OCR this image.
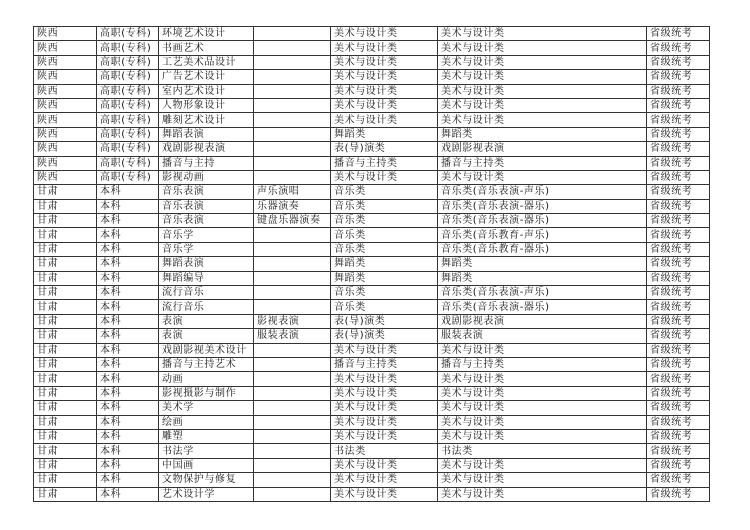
陕西	高职(专科)	环境艺术设计		美术与设计类	美术与设计类	省级统考
陕西	高职(专科)	书画艺术		美术与设计类	美术与设计类	省级统考
陕西	高职(专科)	工艺美术品设计		美术与设计类	美术与设计类	省级统考
陕西	高职(专科)	广告艺术设计		美术与设计类	美术与设计类	省级统考
陕西	高职(专科)	室内艺术设计		美术与设计类	美术与设计类	省级统考
陕西	高职(专科)	人物形象设计		美术与设计类	美术与设计类	省级统考
陕西	高职(专科)	雕刻艺术设计		美术与设计类	美术与设计类	省级统考
陕西	高职(专科)	舞蹈表演		舞蹈类	舞蹈类	省级统考
陕西	高职(专科)	戏剧影视表演		表(导)演类	戏剧影视表演	省级统考
陕西	高职(专科)	播音与主持		播音与主持类	播音与主持类	省级统考
陕西	高职(专科)	影视动画		美术与设计类	美术与设计类	省级统考
甘肃	本科	音乐表演	声乐演唱	音乐类	音乐类(音乐表演-声乐)	省级统考
甘肃	本科	音乐表演	乐器演奏	音乐类	音乐类(音乐表演-器乐)	省级统考
甘肃	本科	音乐表演	键盘乐器演奏	音乐类	音乐类(音乐表演-器乐)	省级统考
甘肃	本科	音乐学		音乐类	音乐类(音乐教育-声乐)	省级统考
甘肃	本科	音乐学		音乐类	音乐类(音乐教育-器乐)	省级统考
甘肃	本科	舞蹈表演		舞蹈类	舞蹈类	省级统考
甘肃	本科	舞蹈编导		舞蹈类	舞蹈类	省级统考
甘肃	本科	流行音乐		音乐类	音乐类(音乐表演-声乐)	省级统考
甘肃	本科	流行音乐		音乐类	音乐类(音乐表演-器乐)	省级统考
甘肃	本科	表演	影视表演	表(导)演类	戏剧影视表演	省级统考
甘肃	本科	表演	服装表演	表(导)演类	服装表演	省级统考
甘肃	本科	戏剧影视美术设计		美术与设计类	美术与设计类	省级统考
甘肃	本科	播音与主持艺术		播音与主持类	播音与主持类	省级统考
甘肃	本科	动画		美术与设计类	美术与设计类	省级统考
甘肃	本科	影视摄影与制作		美术与设计类	美术与设计类	省级统考
甘肃	本科	美术学		美术与设计类	美术与设计类	省级统考
甘肃	本科	绘画		美术与设计类	美术与设计类	省级统考
甘肃	本科	雕塑		美术与设计类	美术与设计类	省级统考
甘肃	本科	书法学		书法类	书法类	省级统考
甘肃	本科	中国画		美术与设计类	美术与设计类	省级统考
甘肃	本科	文物保护与修复		美术与设计类	美术与设计类	省级统考
甘肃	本科	艺术设计学		美术与设计类	美术与设计类	省级统考
